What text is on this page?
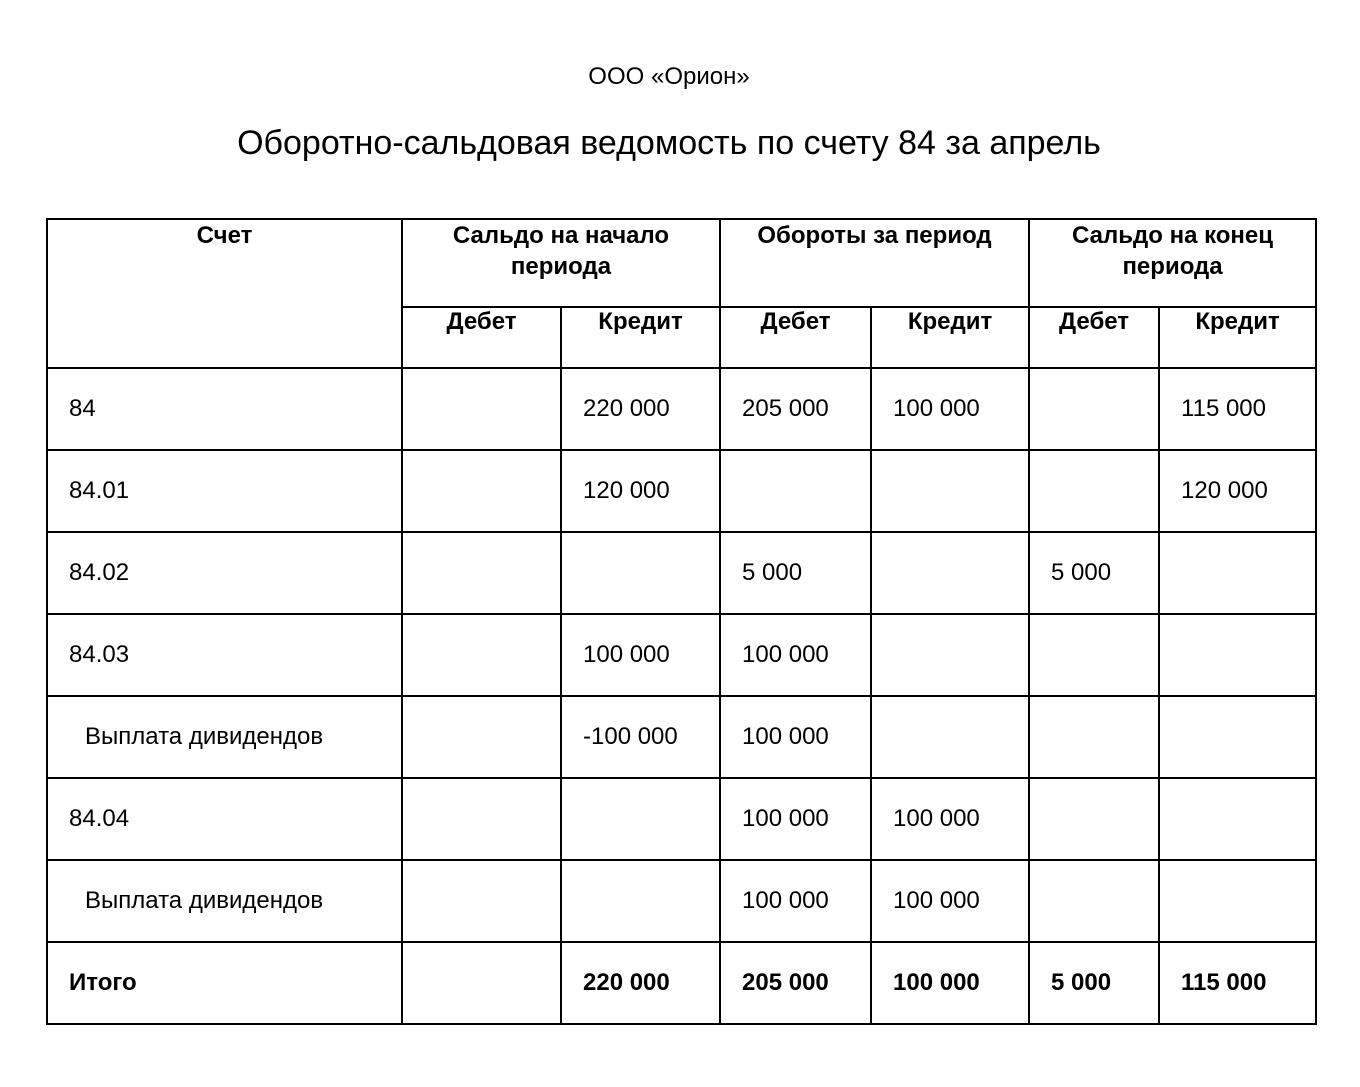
ООО «Орион»
Оборотно-сальдовая ведомость по счету 84 за апрель
Счет	Сальдо на начало периода		Обороты за период		Сальдо на конец периода	
	Дебет	Кредит	Дебет	Кредит	Дебет	Кредит
84		220 000	205 000	100 000		115 000
84.01		120 000				120 000
84.02			5 000		5 000	
84.03		100 000	100 000			
Выплата дивидендов		-100 000	100 000			
84.04			100 000	100 000		
Выплата дивидендов			100 000	100 000		
Итого		220 000	205 000	100 000	5 000	115 000
